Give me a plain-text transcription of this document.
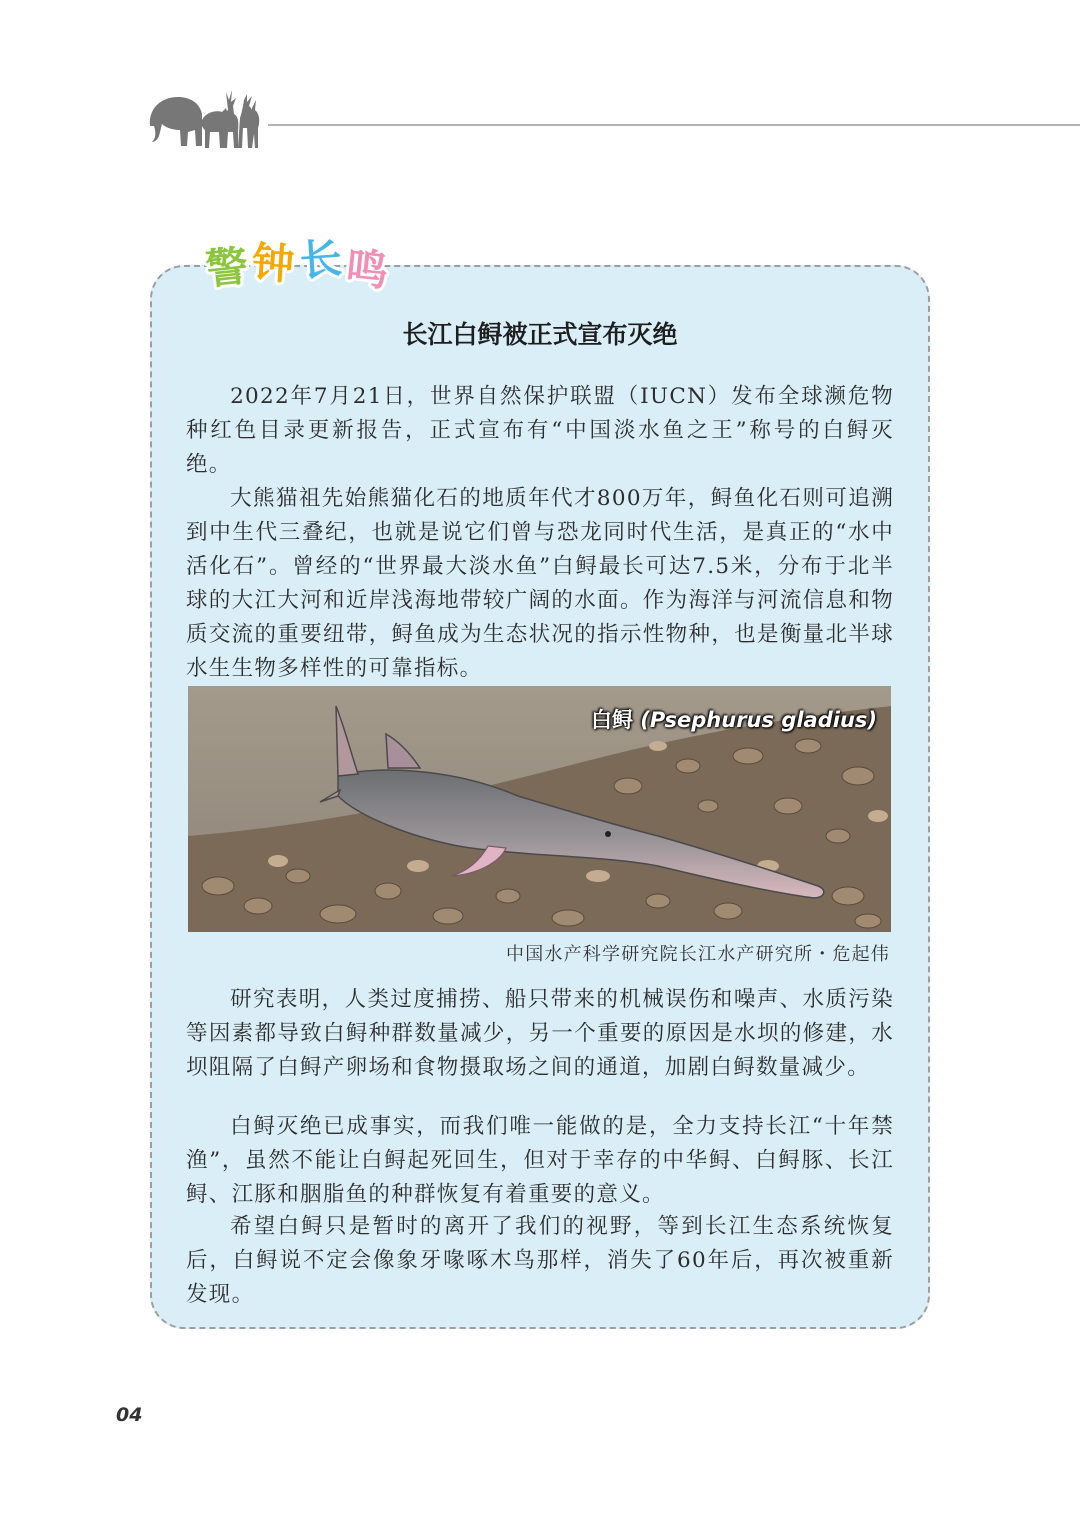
警 钟 长 鸣
长江白鲟被正式宣布灭绝

2022年7月21日，世界自然保护联盟（IUCN）发布全球濒危物种红色目录更新报告，正式宣布有“中国淡水鱼之王”称号的白鲟灭绝。

大熊猫祖先始熊猫化石的地质年代才800万年，鲟鱼化石则可追溯到中生代三叠纪，也就是说它们曾与恐龙同时代生活，是真正的“水中活化石”。曾经的“世界最大淡水鱼”白鲟最长可达7.5米，分布于北半球的大江大河和近岸浅海地带较广阔的水面。作为海洋与河流信息和物质交流的重要纽带，鲟鱼成为生态状况的指示性物种，也是衡量北半球水生生物多样性的可靠指标。

白鲟 (Psephurus gladius)
中国水产科学研究院长江水产研究所・危起伟

研究表明，人类过度捕捞、船只带来的机械误伤和噪声、水质污染等因素都导致白鲟种群数量减少，另一个重要的原因是水坝的修建，水坝阻隔了白鲟产卵场和食物摄取场之间的通道，加剧白鲟数量减少。

白鲟灭绝已成事实，而我们唯一能做的是，全力支持长江“十年禁渔”，虽然不能让白鲟起死回生，但对于幸存的中华鲟、白鲟豚、长江鲟、江豚和胭脂鱼的种群恢复有着重要的意义。

希望白鲟只是暂时的离开了我们的视野，等到长江生态系统恢复后，白鲟说不定会像象牙喙啄木鸟那样，消失了60年后，再次被重新发现。

04
